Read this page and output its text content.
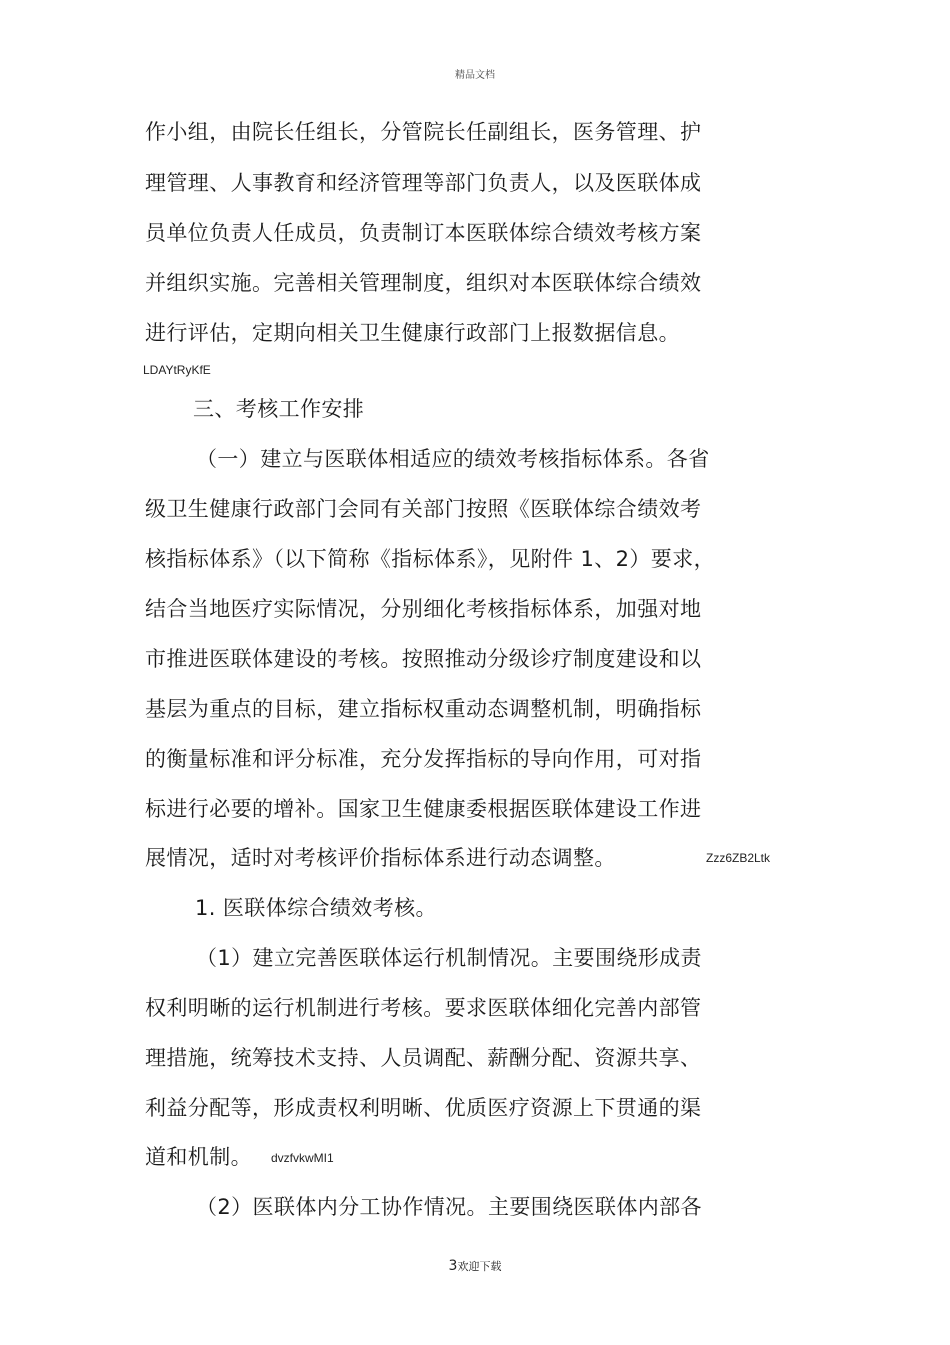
精品文档
作小组，由院长任组长，分管院长任副组长，医务管理、护
理管理、人事教育和经济管理等部门负责人，以及医联体成
员单位负责人任成员，负责制订本医联体综合绩效考核方案
并组织实施。完善相关管理制度，组织对本医联体综合绩效
进行评估，定期向相关卫生健康行政部门上报数据信息。
LDAYtRyKfE
三、考核工作安排
（一）建立与医联体相适应的绩效考核指标体系。各省
级卫生健康行政部门会同有关部门按照《医联体综合绩效考
核指标体系》（以下简称《指标体系》，见附件 1、2）要求，
结合当地医疗实际情况，分别细化考核指标体系，加强对地
市推进医联体建设的考核。按照推动分级诊疗制度建设和以
基层为重点的目标，建立指标权重动态调整机制，明确指标
的衡量标准和评分标准，充分发挥指标的导向作用，可对指
标进行必要的增补。国家卫生健康委根据医联体建设工作进
展情况，适时对考核评价指标体系进行动态调整。	Zzz6ZB2Ltk
1. 医联体综合绩效考核。
（1）建立完善医联体运行机制情况。主要围绕形成责
权利明晰的运行机制进行考核。要求医联体细化完善内部管
理措施，统筹技术支持、人员调配、薪酬分配、资源共享、
利益分配等，形成责权利明晰、优质医疗资源上下贯通的渠
道和机制。 dvzfvkwMI1
（2）医联体内分工协作情况。主要围绕医联体内部各
3欢迎下载
